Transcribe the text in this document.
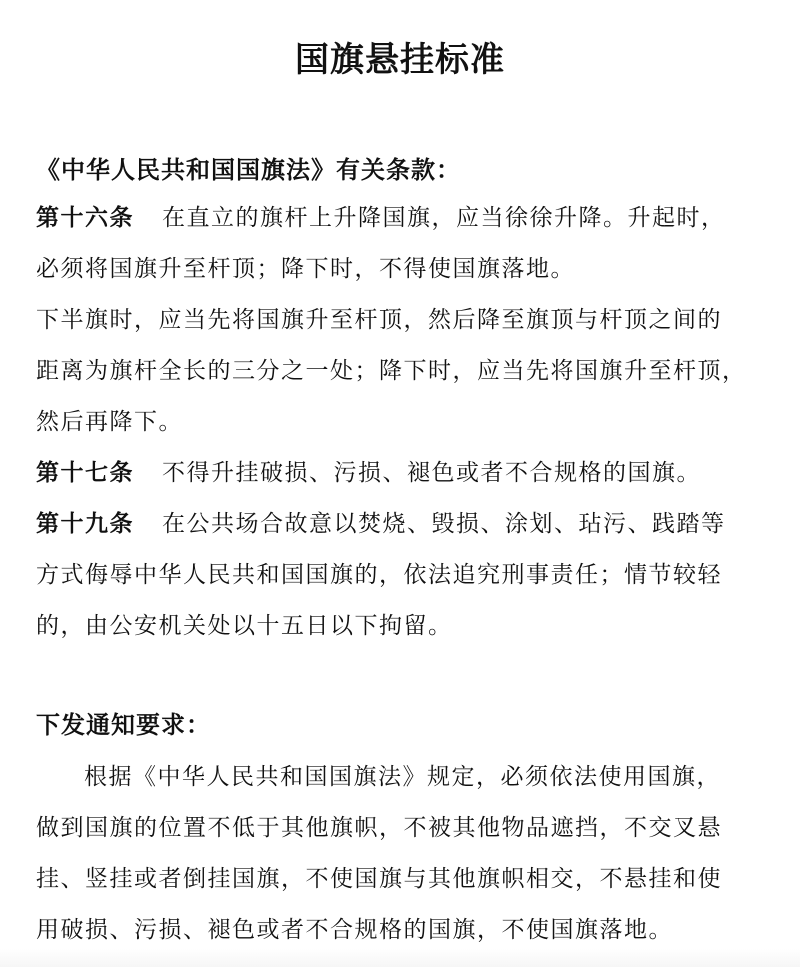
国旗悬挂标准
《中华人民共和国国旗法》有关条款：
第十六条 在直立的旗杆上升降国旗，应当徐徐升降。升起时，
必须将国旗升至杆顶；降下时，不得使国旗落地。
下半旗时，应当先将国旗升至杆顶，然后降至旗顶与杆顶之间的
距离为旗杆全长的三分之一处；降下时，应当先将国旗升至杆顶，
然后再降下。
第十七条 不得升挂破损、污损、褪色或者不合规格的国旗。
第十九条 在公共场合故意以焚烧、毁损、涂划、玷污、践踏等
方式侮辱中华人民共和国国旗的，依法追究刑事责任；情节较轻
的，由公安机关处以十五日以下拘留。
下发通知要求：
根据《中华人民共和国国旗法》规定，必须依法使用国旗，
做到国旗的位置不低于其他旗帜，不被其他物品遮挡，不交叉悬
挂、竖挂或者倒挂国旗，不使国旗与其他旗帜相交，不悬挂和使
用破损、污损、褪色或者不合规格的国旗，不使国旗落地。
